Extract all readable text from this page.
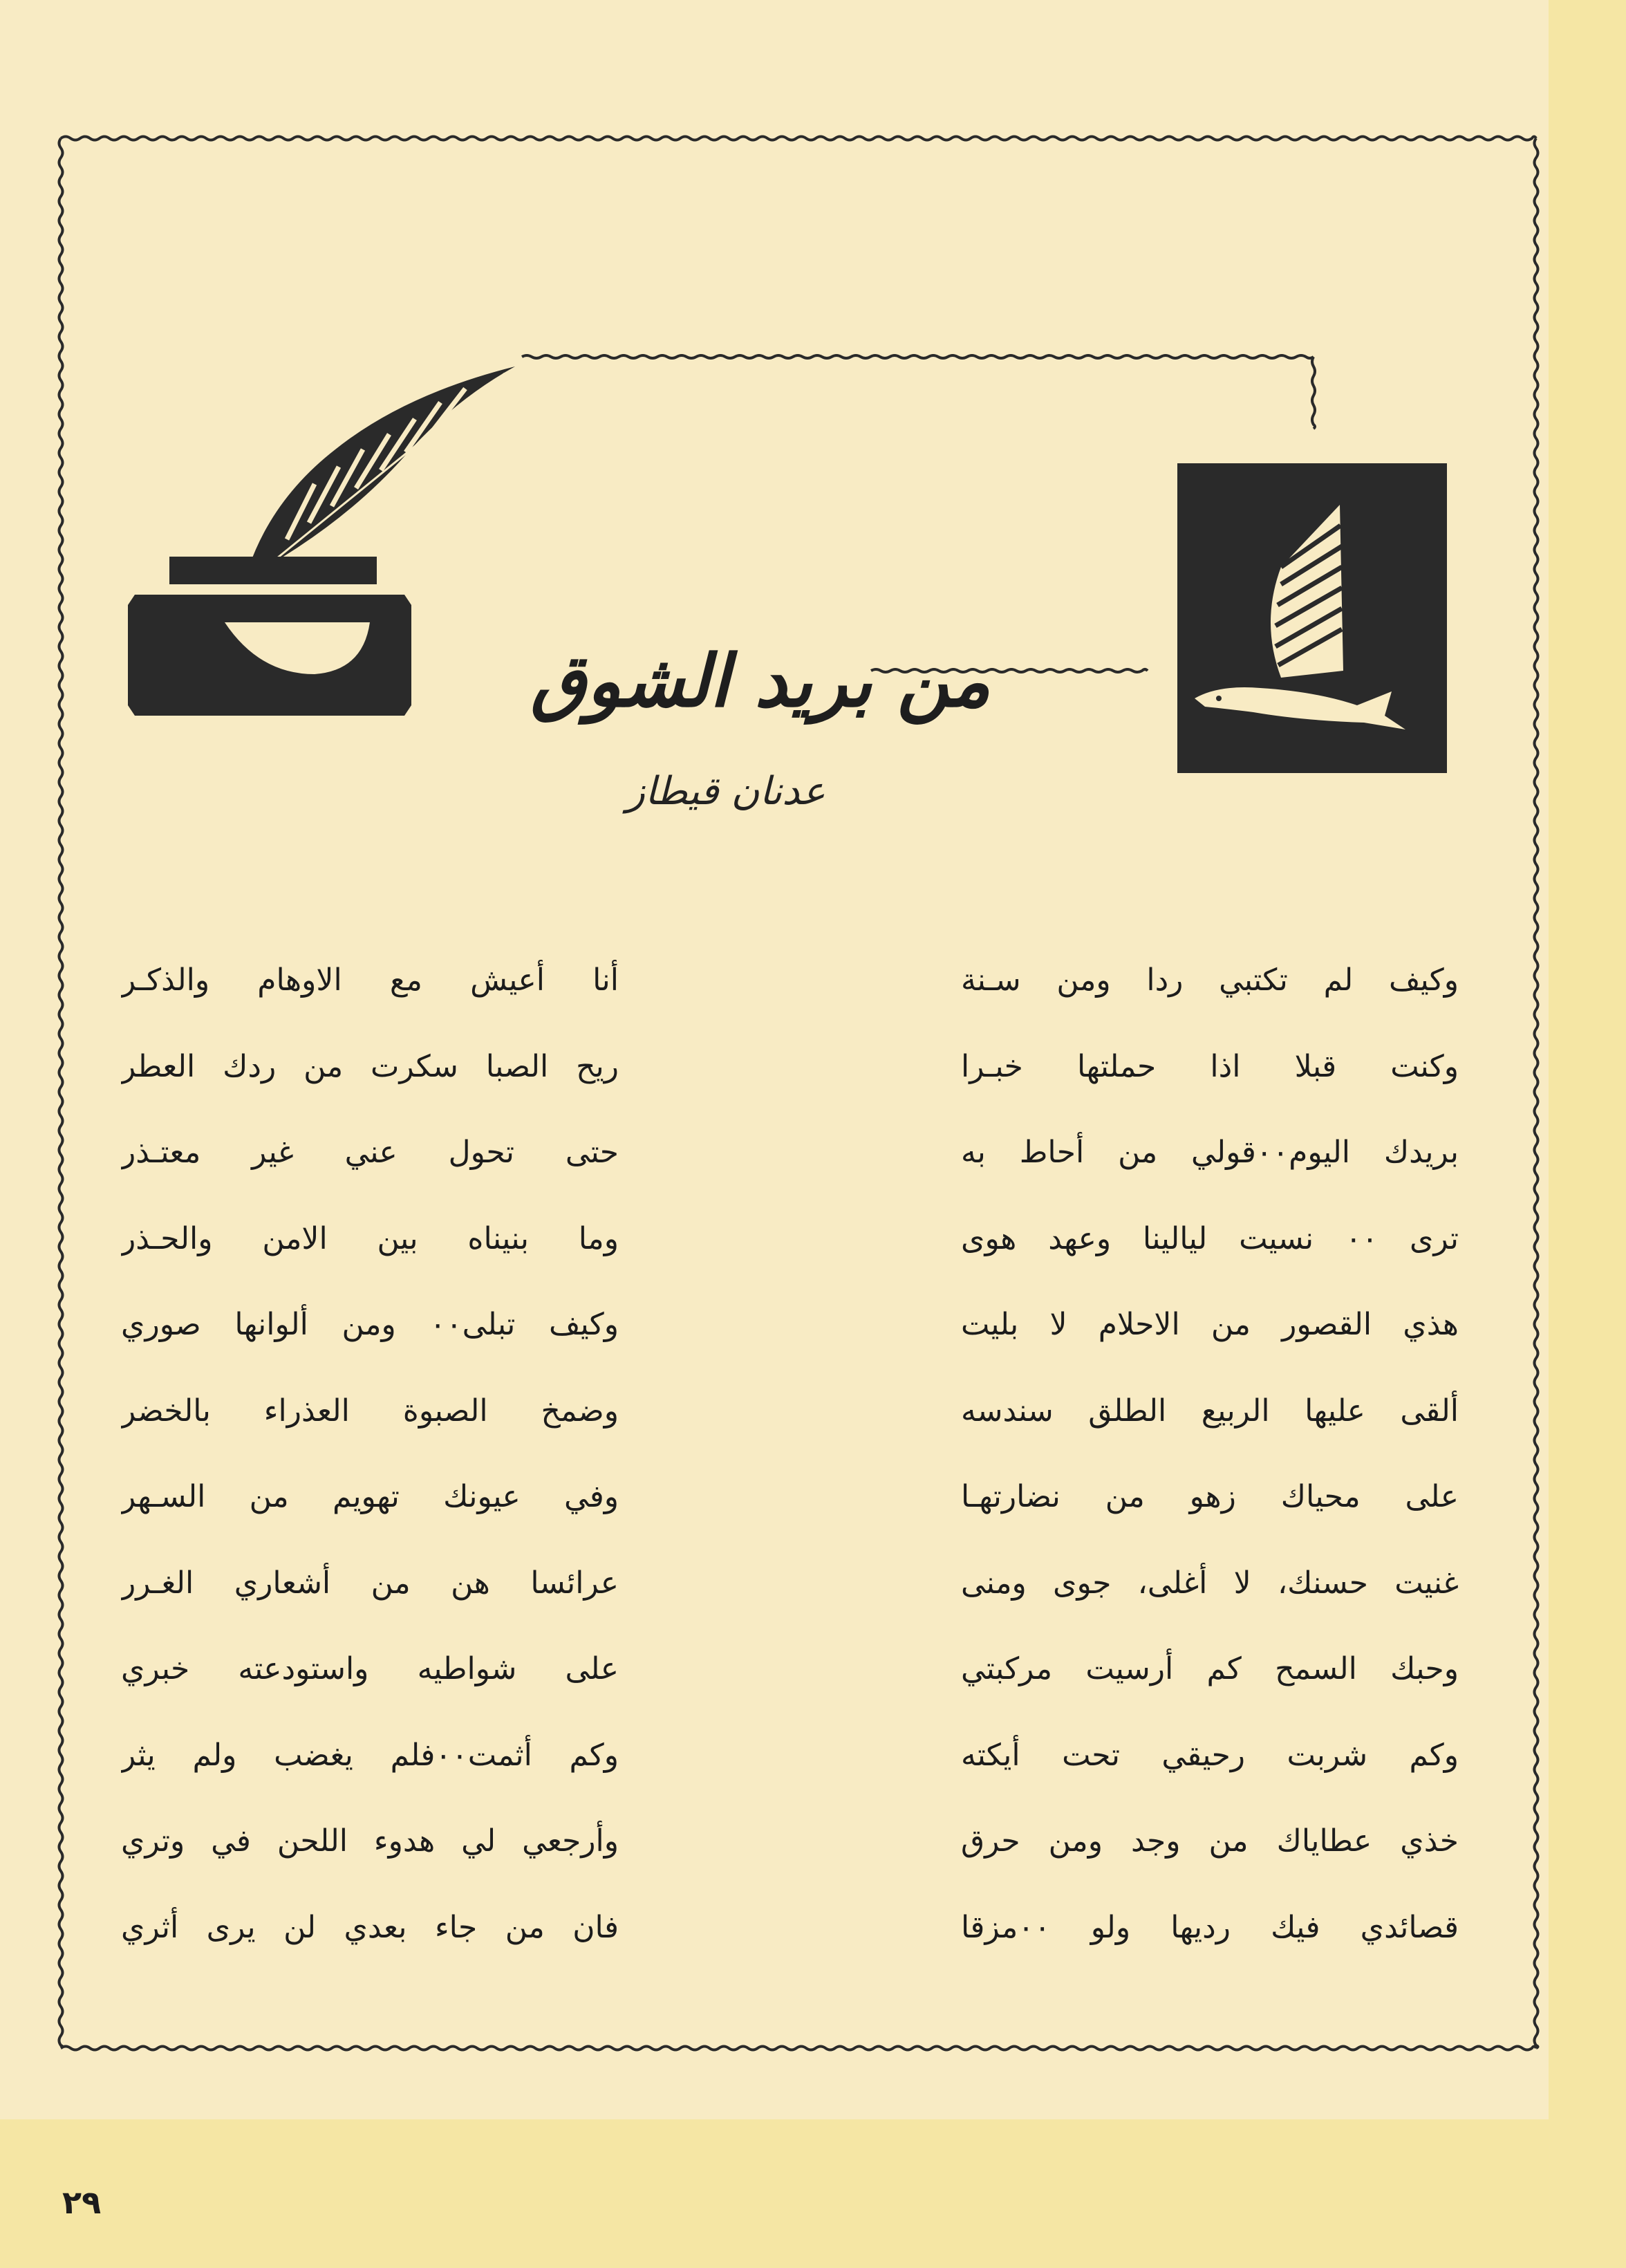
من بريد الشوق
عدنان قيطاز
وكيف لم تكتبي ردا ومن سـنة
وكنت قبلا اذا حملتها خبـرا
بريدك اليوم٠٠قولي من أحاط به
ترى ٠٠ نسيت ليالينا وعهد هوى
هذي القصور من الاحلام لا بليت
ألقى عليها الربيع الطلق سندسه
على محياك زهو من نضارتهـا
غنيت حسنك، لا أغلى، جوى ومنى
وحبك السمح كم أرسيت مركبتي
وكم شربت رحيقي تحت أيكته
خذي عطاياك من وجد ومن حرق
قصائدي فيك رديها ولو ٠٠مزقا
أنا أعيش مع الاوهام والذكـر
ريح الصبا سكرت من ردك العطر
حتى تحول عني غير معتـذر
وما بنيناه بين الامن والحـذر
وكيف تبلى٠٠ ومن ألوانها صوري
وضمخ الصبوة العذراء بالخضر
وفي عيونك تهويم من السـهر
عرائسا هن من أشعاري الغـرر
على شواطيه واستودعته خبري
وكم أثمت٠٠فلم يغضب ولم يثر
وأرجعي لي هدوء اللحن في وتري
فان من جاء بعدي لن يرى أثري
٢٩
